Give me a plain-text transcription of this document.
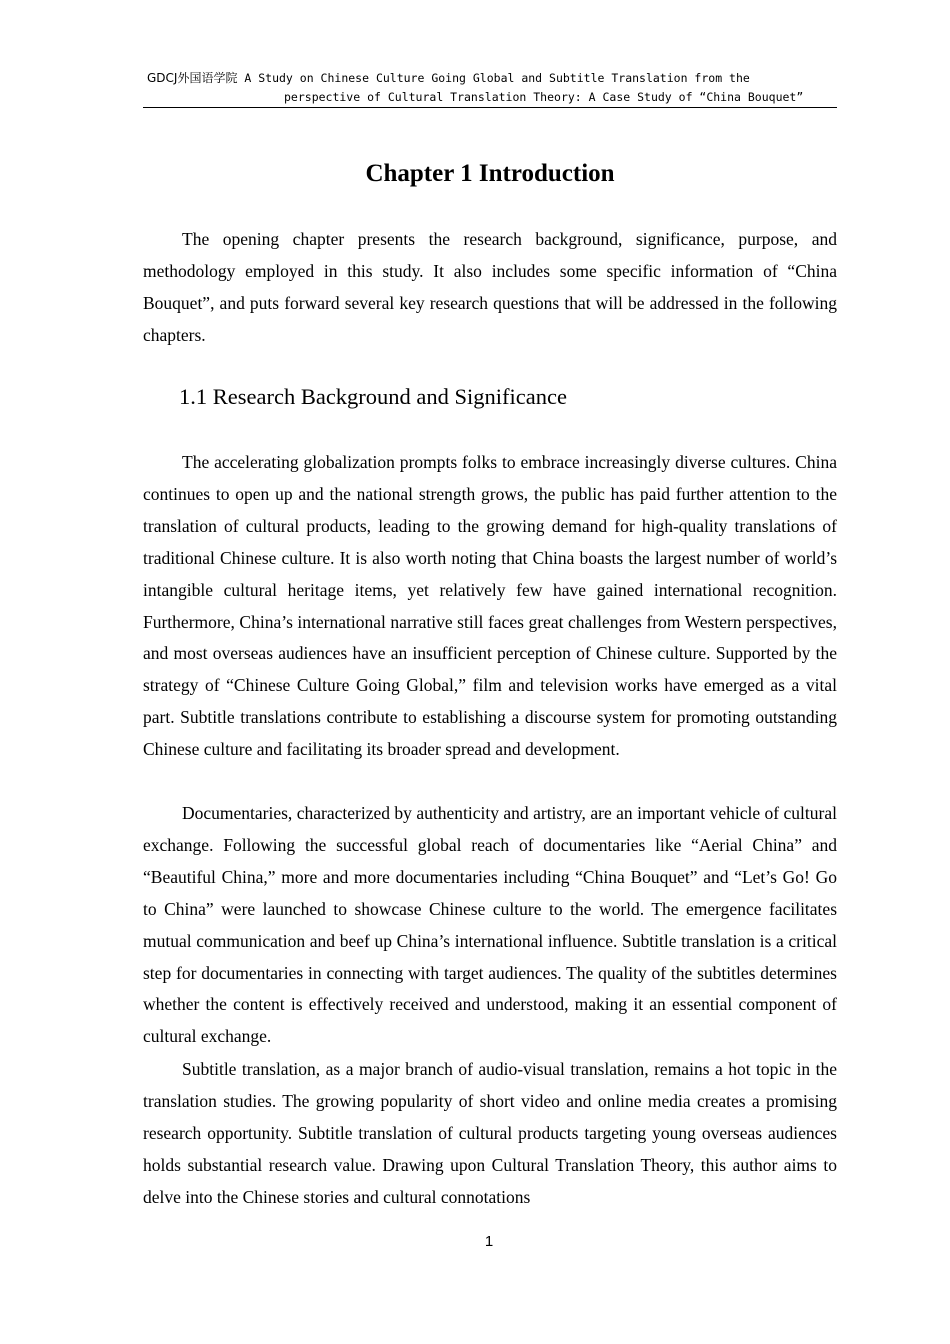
GDCJ外国语学院 A Study on Chinese Culture Going Global and Subtitle Translation from the
perspective of Cultural Translation Theory: A Case Study of “China Bouquet”
Chapter 1 Introduction

The opening chapter presents the research background, significance, purpose, and methodology employed in this study. It also includes some specific information of “China Bouquet”, and puts forward several key research questions that will be addressed in the following chapters.

1.1 Research Background and Significance

The accelerating globalization prompts folks to embrace increasingly diverse cultures. China continues to open up and the national strength grows, the public has paid further attention to the translation of cultural products, leading to the growing demand for high-quality translations of traditional Chinese culture. It is also worth noting that China boasts the largest number of world’s intangible cultural heritage items, yet relatively few have gained international recognition. Furthermore, China’s international narrative still faces great challenges from Western perspectives, and most overseas audiences have an insufficient perception of Chinese culture. Supported by the strategy of “Chinese Culture Going Global,” film and television works have emerged as a vital part. Subtitle translations contribute to establishing a discourse system for promoting outstanding Chinese culture and facilitating its broader spread and development.

Documentaries, characterized by authenticity and artistry, are an important vehicle of cultural exchange. Following the successful global reach of documentaries like “Aerial China” and “Beautiful China,” more and more documentaries including “China Bouquet” and “Let’s Go! Go to China” were launched to showcase Chinese culture to the world. The emergence facilitates mutual communication and beef up China’s international influence. Subtitle translation is a critical step for documentaries in connecting with target audiences. The quality of the subtitles determines whether the content is effectively received and understood, making it an essential component of cultural exchange.

Subtitle translation, as a major branch of audio-visual translation, remains a hot topic in the translation studies. The growing popularity of short video and online media creates a promising research opportunity. Subtitle translation of cultural products targeting young overseas audiences holds substantial research value. Drawing upon Cultural Translation Theory, this author aims to delve into the Chinese stories and cultural connotations

1
